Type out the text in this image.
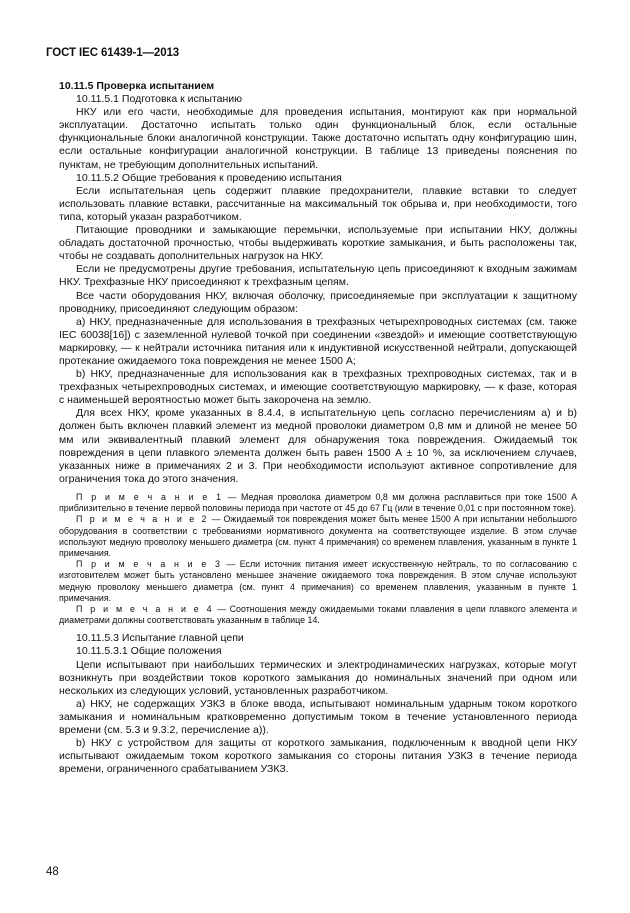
ГОСТ IEC 61439-1—2013

10.11.5 Проверка испытанием

10.11.5.1 Подготовка к испытанию

НКУ или его части, необходимые для проведения испытания, монтируют как при нормальной эксплуатации. Достаточно испытать только один функциональный блок, если остальные функциональные блоки аналогичной конструкции. Также достаточно испытать одну конфигурацию шин, если остальные конфигурации аналогичной конструкции. В таблице 13 приведены пояснения по пунктам, не требующим дополнительных испытаний.

10.11.5.2 Общие требования к проведению испытания

Если испытательная цепь содержит плавкие предохранители, плавкие вставки то следует использовать плавкие вставки, рассчитанные на максимальный ток обрыва и, при необходимости, того типа, который указан разработчиком.

Питающие проводники и замыкающие перемычки, используемые при испытании НКУ, должны обладать достаточной прочностью, чтобы выдерживать короткие замыкания, и быть расположены так, чтобы не создавать дополнительных нагрузок на НКУ.

Если не предусмотрены другие требования, испытательную цепь присоединяют к входным зажимам НКУ. Трехфазные НКУ присоединяют к трехфазным цепям.

Все части оборудования НКУ, включая оболочку, присоединяемые при эксплуатации к защитному проводнику, присоединяют следующим образом:

a) НКУ, предназначенные для использования в трехфазных четырехпроводных системах (см. также IEC 60038[16]) с заземленной нулевой точкой при соединении «звездой» и имеющие соответствующую маркировку, — к нейтрали источника питания или к индуктивной искусственной нейтрали, допускающей протекание ожидаемого тока повреждения не менее 1500 А;

b) НКУ, предназначенные для использования как в трехфазных трехпроводных системах, так и в трехфазных четырехпроводных системах, и имеющие соответствующую маркировку, — к фазе, которая с наименьшей вероятностью может быть закорочена на землю.

Для всех НКУ, кроме указанных в 8.4.4, в испытательную цепь согласно перечислениям a) и b) должен быть включен плавкий элемент из медной проволоки диаметром 0,8 мм и длиной не менее 50 мм или эквивалентный плавкий элемент для обнаружения тока повреждения. Ожидаемый ток повреждения в цепи плавкого элемента должен быть равен 1500 А ± 10 %, за исключением случаев, указанных ниже в примечаниях 2 и 3. При необходимости используют активное сопротивление для ограничения тока до этого значения.

П р и м е ч а н и е 1 — Медная проволока диаметром 0,8 мм должна расплавиться при токе 1500 А приблизительно в течение первой половины периода при частоте от 45 до 67 Гц (или в течение 0,01 с при постоянном токе).

П р и м е ч а н и е 2 — Ожидаемый ток повреждения может быть менее 1500 А при испытании небольшого оборудования в соответствии с требованиями нормативного документа на соответствующее изделие. В этом случае используют медную проволоку меньшего диаметра (см. пункт 4 примечания) со временем плавления, указанным в пункте 1 примечания.

П р и м е ч а н и е 3 — Если источник питания имеет искусственную нейтраль, то по согласованию с изготовителем может быть установлено меньшее значение ожидаемого тока повреждения. В этом случае используют медную проволоку меньшего диаметра (см. пункт 4 примечания) со временем плавления, указанным в пункте 1 примечания.

П р и м е ч а н и е 4 — Соотношения между ожидаемыми токами плавления в цепи плавкого элемента и диаметрами должны соответствовать указанным в таблице 14.

10.11.5.3 Испытание главной цепи

10.11.5.3.1 Общие положения

Цепи испытывают при наибольших термических и электродинамических нагрузках, которые могут возникнуть при воздействии токов короткого замыкания до номинальных значений при одном или нескольких из следующих условий, установленных разработчиком.

a) НКУ, не содержащих УЗКЗ в блоке ввода, испытывают номинальным ударным током короткого замыкания и номинальным кратковременно допустимым током в течение установленного периода времени (см. 5.3 и 9.3.2, перечисление a)).

b) НКУ с устройством для защиты от короткого замыкания, подключенным к вводной цепи НКУ испытывают ожидаемым током короткого замыкания со стороны питания УЗКЗ в течение периода времени, ограниченного срабатыванием УЗКЗ.

48
